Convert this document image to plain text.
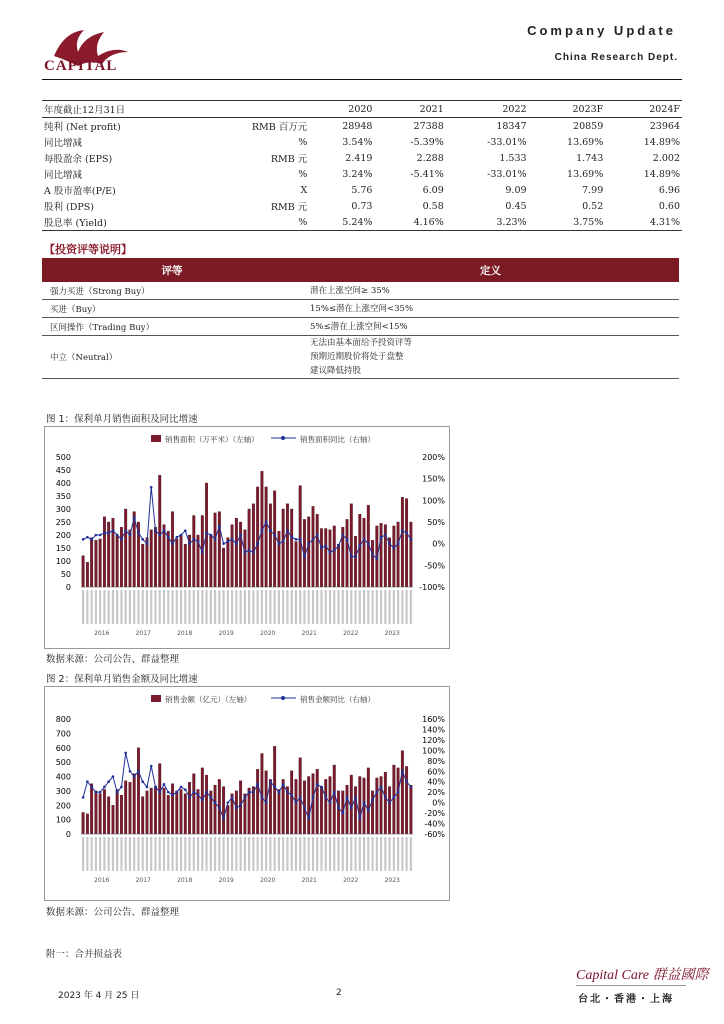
CAPITAL
Company Update
China Research Dept.
年度截止12月31日		2020	2021	2022	2023F	2024F
纯利 (Net profit)	RMB 百万元	28948	27388	18347	20859	23964
同比增减	%	3.54%	-5.39%	-33.01%	13.69%	14.89%
每股盈余 (EPS)	RMB 元	2.419	2.288	1.533	1.743	2.002
同比增减	%	3.24%	-5.41%	-33.01%	13.69%	14.89%
A 股市盈率(P/E)	X	5.76	6.09	9.09	7.99	6.96
股利 (DPS)	RMB 元	0.73	0.58	0.45	0.52	0.60
股息率 (Yield)	%	5.24%	4.16%	3.23%	3.75%	4.31%
【投资评等说明】
评等	定义
强力买进（Strong Buy）	潜在上涨空间≥ 35%

买进（Buy）	15%≤潜在上涨空间<35%

区间操作（Trading Buy）	5%≤潜在上涨空间<15%

中立（Neutral）	无法由基本面给予投资评等
预期近期股价将处于盘整
建议降低持股
图 1：保利单月销售面积及同比增速
销售面积（万平米）（左轴）	销售面积同比（右轴）
500
450
400
350
300
250
200
150
100
50
0
200%
150%
100%
50%
0%
-50%
-100%
2016	2017	2018	2019	2020	2021	2022	2023
数据来源：公司公告、群益整理
图 2：保利单月销售金额及同比增速
销售金额（亿元）（左轴）	销售金额同比（右轴）
800
700
600
500
400
300
200
100
0
160%
140%
120%
100%
80%
60%
40%
20%
0%
-20%
-40%
-60%
2016	2017	2018	2019	2020	2021	2022	2023
数据来源：公司公告、群益整理
附一：合并损益表
2023 年 4 月 25 日	2
Capital Care 群益國際
台北・香港・上海
